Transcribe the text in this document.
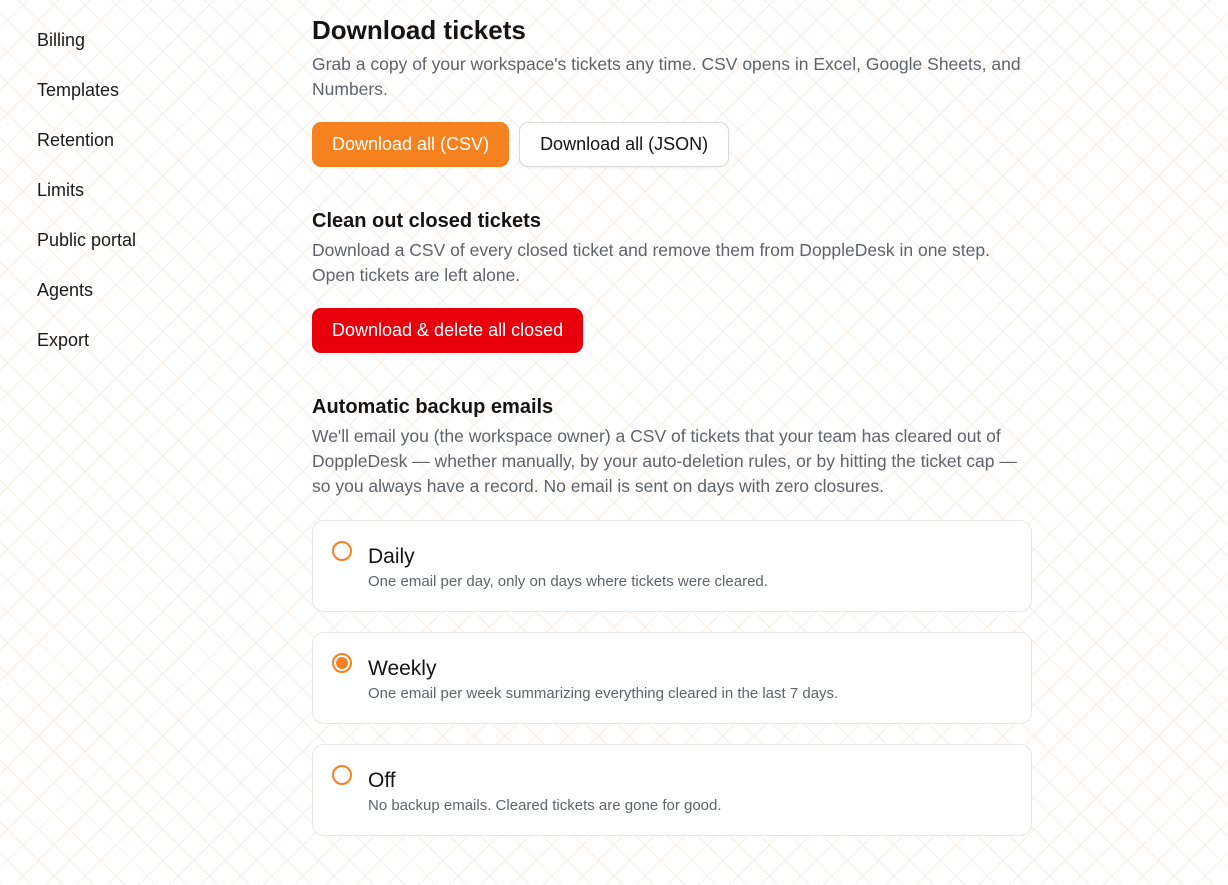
Billing
Templates
Retention
Limits
Public portal
Agents
Export
Download tickets

Grab a copy of your workspace's tickets any time. CSV opens in Excel, Google Sheets, and Numbers.

Download all (CSV)	Download all (JSON)
Clean out closed tickets

Download a CSV of every closed ticket and remove them from DoppleDesk in one step. Open tickets are left alone.

Download & delete all closed
Automatic backup emails

We'll email you (the workspace owner) a CSV of tickets that your team has cleared out of DoppleDesk — whether manually, by your auto-deletion rules, or by hitting the ticket cap — so you always have a record. No email is sent on days with zero closures.

Daily
One email per day, only on days where tickets were cleared.
Weekly
One email per week summarizing everything cleared in the last 7 days.
Off
No backup emails. Cleared tickets are gone for good.
